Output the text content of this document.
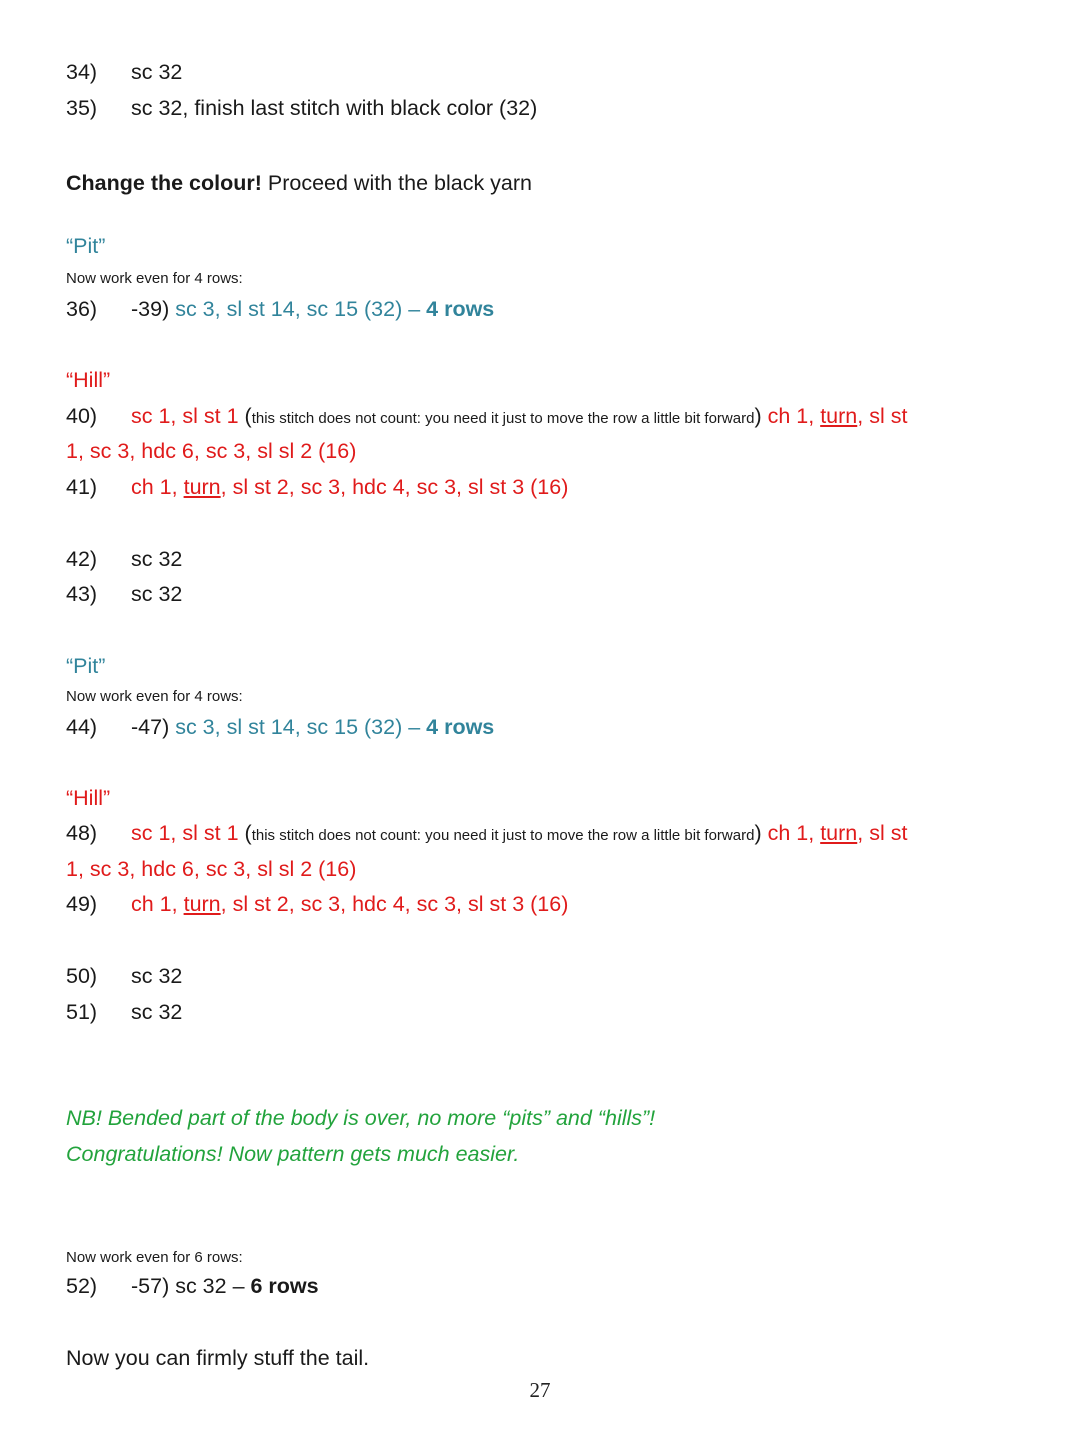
34) sc 32
35) sc 32, finish last stitch with black color (32)
Change the colour! Proceed with the black yarn
“Pit”
Now work even for 4 rows:
36) -39) sc 3, sl st 14, sc 15 (32) – 4 rows
“Hill”
40) sc 1, sl st 1 (this stitch does not count: you need it just to move the row a little bit forward) ch 1, turn, sl st
1, sc 3, hdc 6, sc 3, sl sl 2 (16)
41) ch 1, turn, sl st 2, sc 3, hdc 4, sc 3, sl st 3 (16)
42) sc 32
43) sc 32
“Pit”
Now work even for 4 rows:
44) -47) sc 3, sl st 14, sc 15 (32) – 4 rows
“Hill”
48) sc 1, sl st 1 (this stitch does not count: you need it just to move the row a little bit forward) ch 1, turn, sl st
1, sc 3, hdc 6, sc 3, sl sl 2 (16)
49) ch 1, turn, sl st 2, sc 3, hdc 4, sc 3, sl st 3 (16)
50) sc 32
51) sc 32
NB! Bended part of the body is over, no more “pits” and “hills”!
Congratulations! Now pattern gets much easier.
Now work even for 6 rows:
52) -57) sc 32 – 6 rows
Now you can firmly stuff the tail.
27
